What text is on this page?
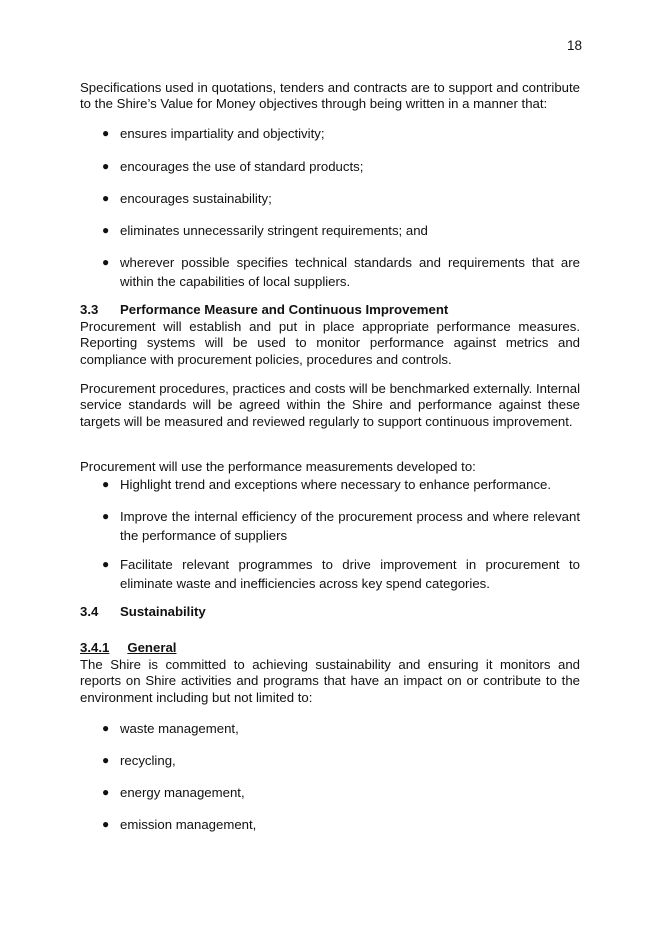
18
Specifications used in quotations, tenders and contracts are to support and contribute to the Shire’s Value for Money objectives through being written in a manner that:
● ensures impartiality and objectivity;
● encourages the use of standard products;
● encourages sustainability;
● eliminates unnecessarily stringent requirements; and
● wherever possible specifies technical standards and requirements that are within the capabilities of local suppliers.
3.3 Performance Measure and Continuous Improvement
Procurement will establish and put in place appropriate performance measures. Reporting systems will be used to monitor performance against metrics and compliance with procurement policies, procedures and controls.
Procurement procedures, practices and costs will be benchmarked externally. Internal service standards will be agreed within the Shire and performance against these targets will be measured and reviewed regularly to support continuous improvement.
Procurement will use the performance measurements developed to:
● Highlight trend and exceptions where necessary to enhance performance.
● Improve the internal efficiency of the procurement process and where relevant the performance of suppliers
● Facilitate relevant programmes to drive improvement in procurement to eliminate waste and inefficiencies across key spend categories.
3.4 Sustainability
3.4.1 General
The Shire is committed to achieving sustainability and ensuring it monitors and reports on Shire activities and programs that have an impact on or contribute to the environment including but not limited to:
● waste management,
● recycling,
● energy management,
● emission management,
